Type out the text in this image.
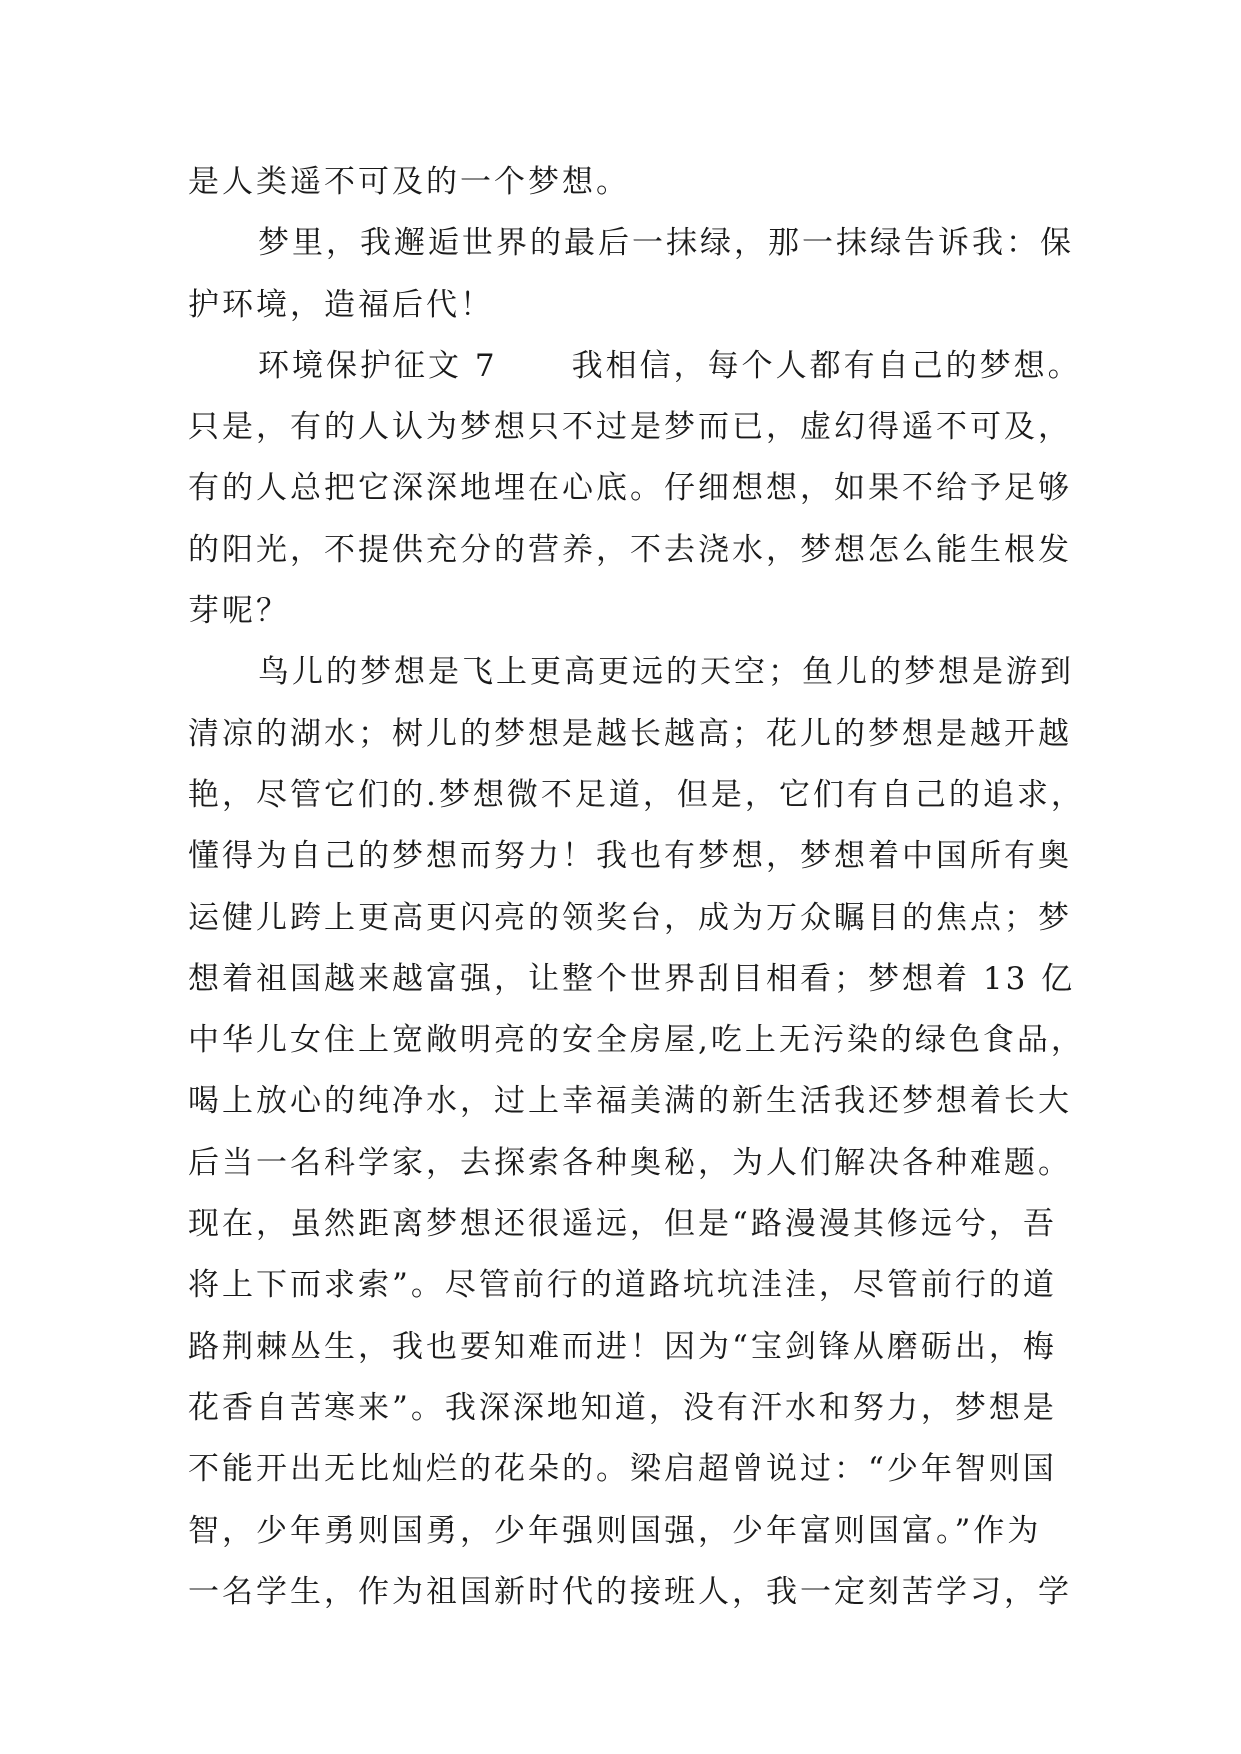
是人类遥不可及的一个梦想。
梦里，我邂逅世界的最后一抹绿，那一抹绿告诉我：保
护环境，造福后代！
环境保护征文 7 我相信，每个人都有自己的梦想。
只是，有的人认为梦想只不过是梦而已，虚幻得遥不可及，
有的人总把它深深地埋在心底。仔细想想，如果不给予足够
的阳光，不提供充分的营养，不去浇水，梦想怎么能生根发
芽呢？
鸟儿的梦想是飞上更高更远的天空；鱼儿的梦想是游到
清凉的湖水；树儿的梦想是越长越高；花儿的梦想是越开越
艳，尽管它们的.梦想微不足道，但是，它们有自己的追求，
懂得为自己的梦想而努力！我也有梦想，梦想着中国所有奥
运健儿跨上更高更闪亮的领奖台，成为万众瞩目的焦点；梦
想着祖国越来越富强，让整个世界刮目相看；梦想着 13 亿
中华儿女住上宽敞明亮的安全房屋,吃上无污染的绿色食品，
喝上放心的纯净水，过上幸福美满的新生活我还梦想着长大
后当一名科学家，去探索各种奥秘，为人们解决各种难题。
现在，虽然距离梦想还很遥远，但是“路漫漫其修远兮，吾
将上下而求索”。尽管前行的道路坑坑洼洼，尽管前行的道
路荆棘丛生，我也要知难而进！因为“宝剑锋从磨砺出，梅
花香自苦寒来”。我深深地知道，没有汗水和努力，梦想是
不能开出无比灿烂的花朵的。梁启超曾说过：“少年智则国
智，少年勇则国勇，少年强则国强，少年富则国富。”作为
一名学生，作为祖国新时代的接班人，我一定刻苦学习，学
